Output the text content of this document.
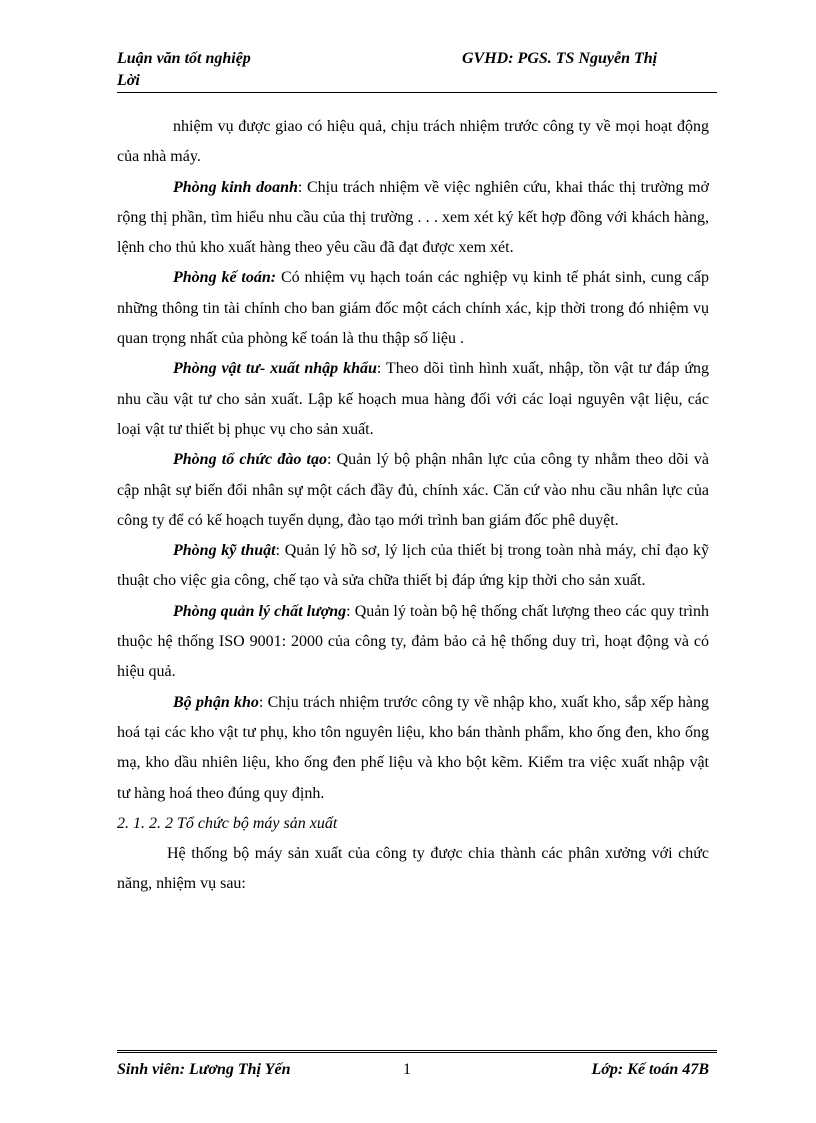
Luận văn tốt nghiệp
Lời
GVHD: PGS. TS Nguyễn Thị

nhiệm vụ được giao có hiệu quả, chịu trách nhiệm trước công ty về mọi hoạt động của nhà máy.

Phòng kinh doanh: Chịu trách nhiệm về việc nghiên cứu, khai thác thị trường mở rộng thị phần, tìm hiểu nhu cầu của thị trường . . . xem xét ký kết hợp đồng với khách hàng, lệnh cho thủ kho xuất hàng theo yêu cầu đã đạt được xem xét.

Phòng kế toán: Có nhiệm vụ hạch toán các nghiệp vụ kinh tế phát sinh, cung cấp những thông tin tài chính cho ban giám đốc một cách chính xác, kịp thời trong đó nhiệm vụ quan trọng nhất của phòng kế toán là thu thập số liệu .

Phòng vật tư- xuất nhập khẩu: Theo dõi tình hình xuất, nhập, tồn vật tư đáp ứng nhu cầu vật tư cho sản xuất. Lập kế hoạch mua hàng đối với các loại nguyên vật liệu, các loại vật tư thiết bị phục vụ cho sản xuất.

Phòng tổ chức đào tạo: Quản lý bộ phận nhân lực của công ty nhằm theo dõi và cập nhật sự biến đổi nhân sự một cách đầy đủ, chính xác. Căn cứ vào nhu cầu nhân lực của công ty để có kế hoạch tuyển dụng, đào tạo mới trình ban giám đốc phê duyệt.

Phòng kỹ thuật: Quản lý hồ sơ, lý lịch của thiết bị trong toàn nhà máy, chỉ đạo kỹ thuật cho việc gia công, chế tạo và sửa chữa thiết bị đáp ứng kịp thời cho sản xuất.

Phòng quản lý chất lượng: Quản lý toàn bộ hệ thống chất lượng theo các quy trình thuộc hệ thống ISO 9001: 2000 của công ty, đảm bảo cả hệ thống duy trì, hoạt động và có hiệu quả.

Bộ phận kho: Chịu trách nhiệm trước công ty về nhập kho, xuất kho, sắp xếp hàng hoá tại các kho vật tư phụ, kho tôn nguyên liệu, kho bán thành phẩm, kho ống đen, kho ống mạ, kho dầu nhiên liệu, kho ống đen phế liệu và kho bột kẽm. Kiểm tra việc xuất nhập vật tư hàng hoá theo đúng quy định.

2. 1. 2. 2 Tổ chức bộ máy sản xuất

Hệ thống bộ máy sản xuất của công ty được chia thành các phân xưởng với chức năng, nhiệm vụ sau:

Sinh viên: Lương Thị Yến	1	Lớp: Kế toán 47B
